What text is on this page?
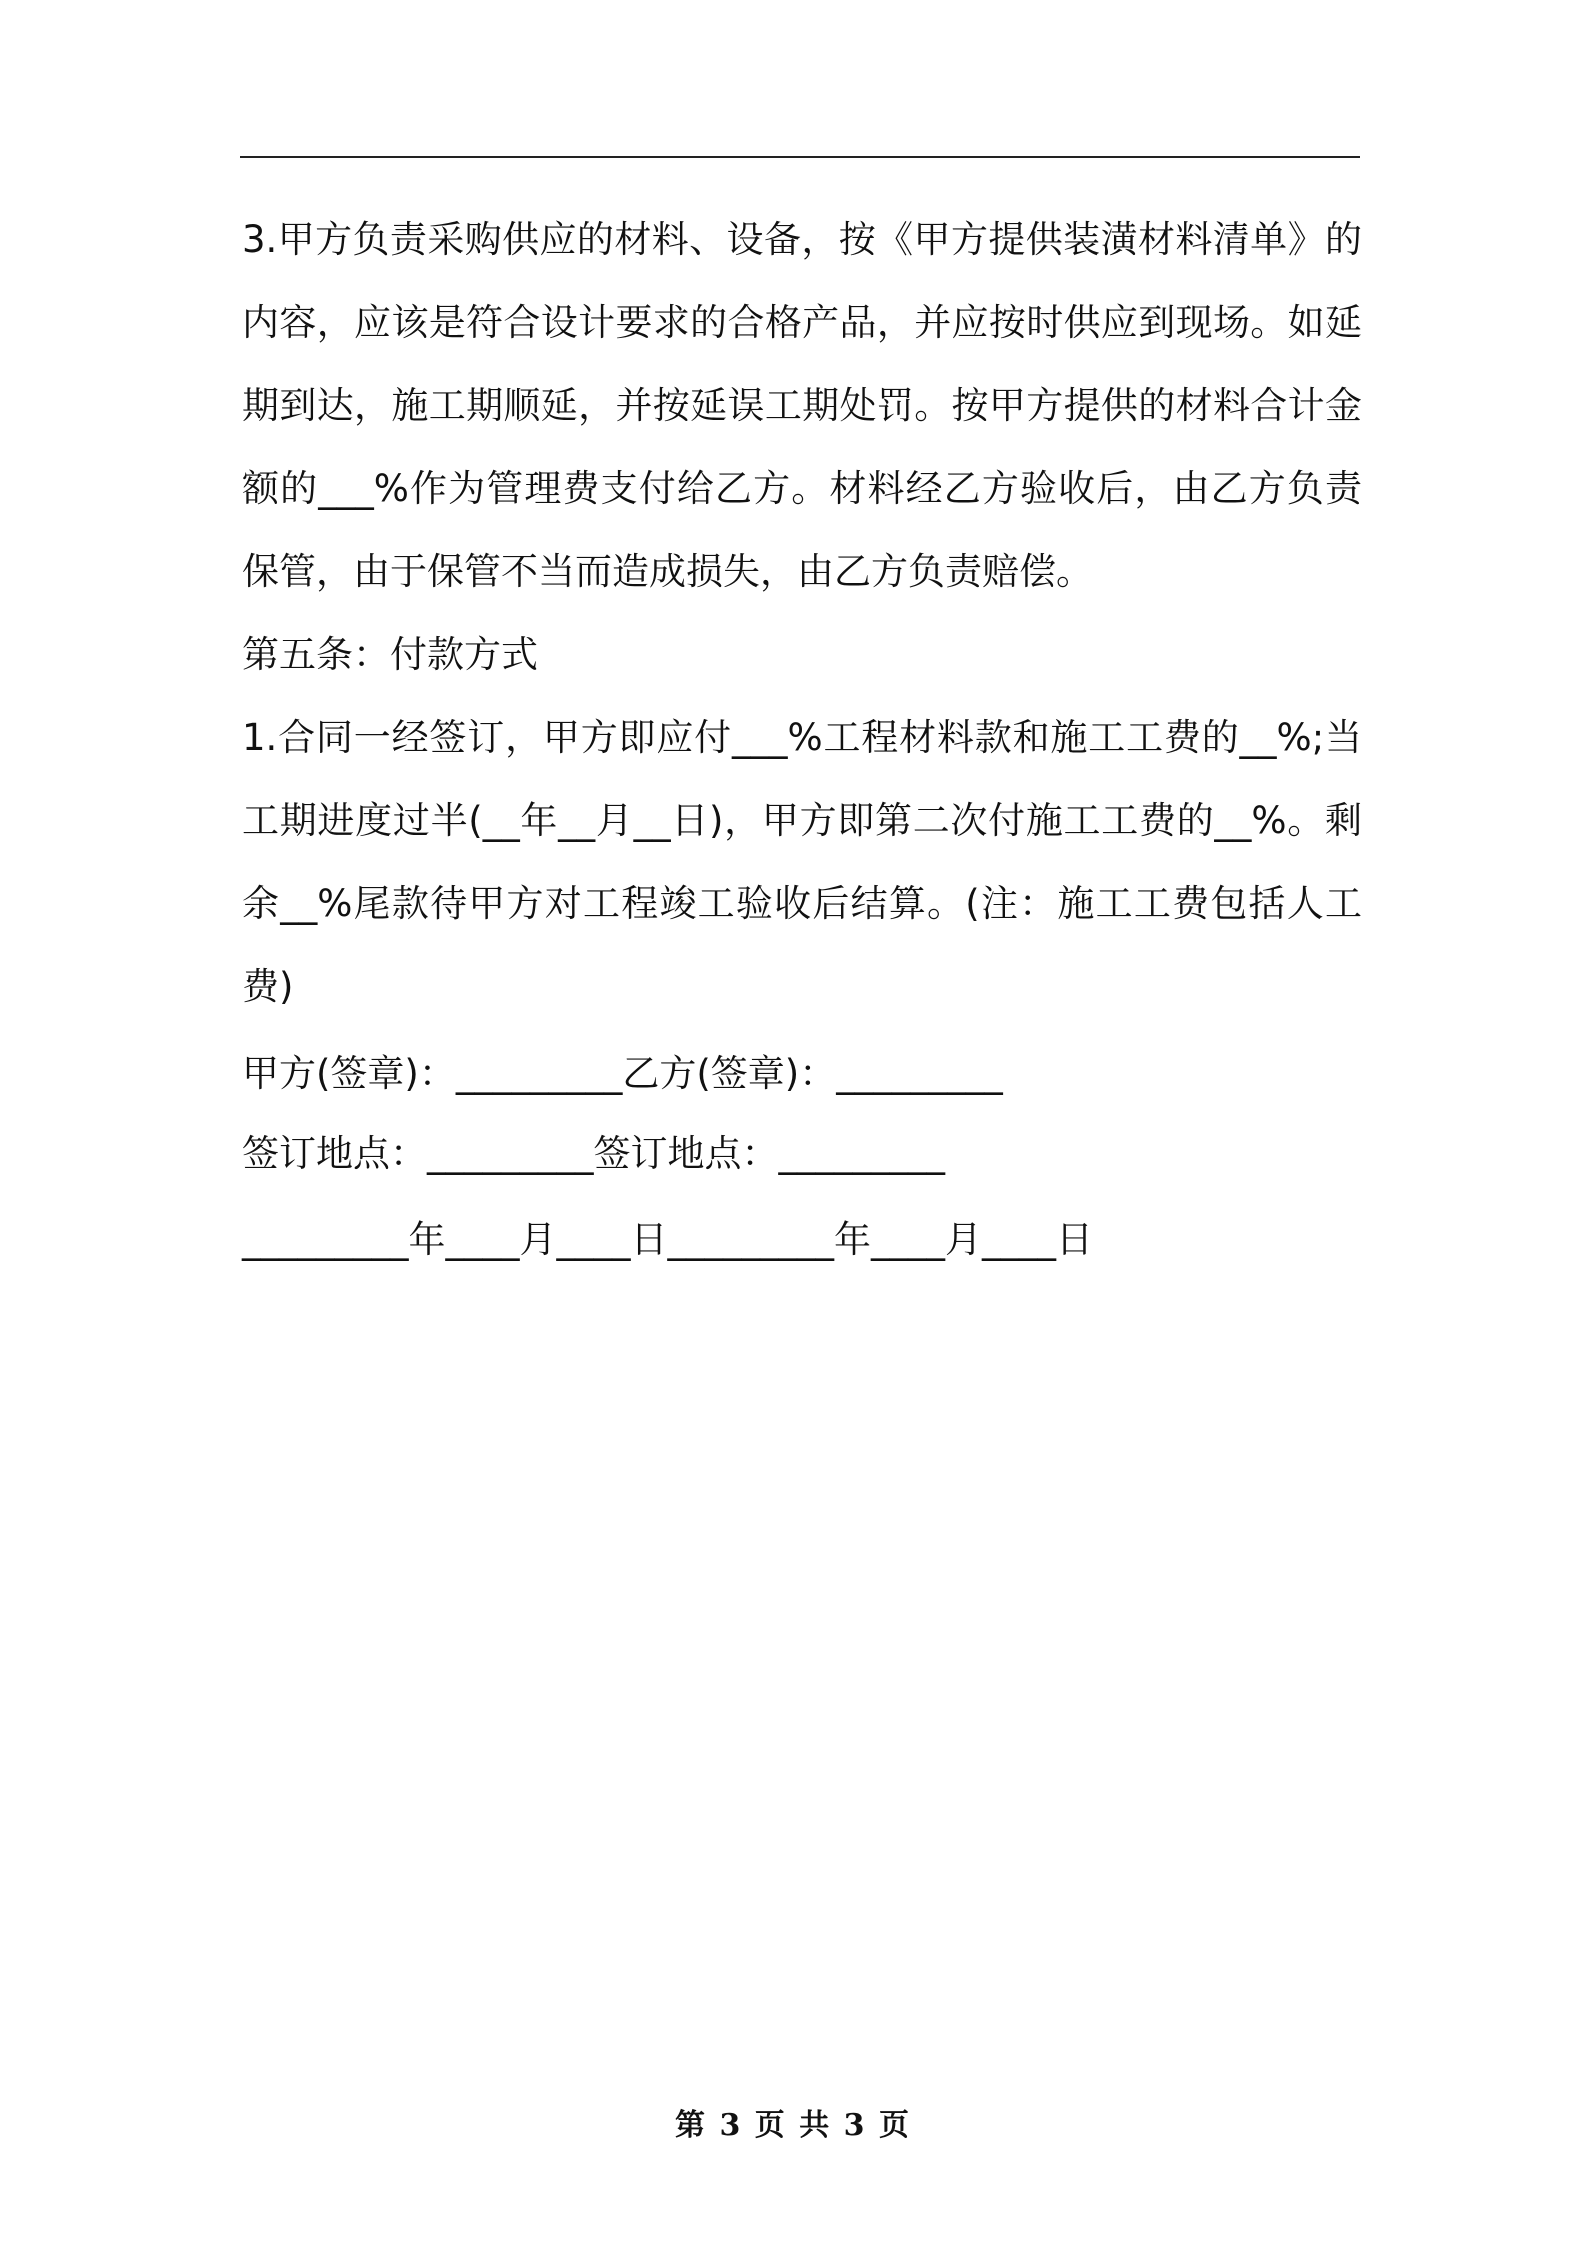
3.甲方负责采购供应的材料、设备，按《甲方提供装潢材料清单》的内容，应该是符合设计要求的合格产品，并应按时供应到现场。如延期到达，施工期顺延，并按延误工期处罚。按甲方提供的材料合计金额的___%作为管理费支付给乙方。材料经乙方验收后，由乙方负责保管，由于保管不当而造成损失，由乙方负责赔偿。

第五条：付款方式

1.合同一经签订，甲方即应付___%工程材料款和施工工费的__%;当工期进度过半(__年__月__日)，甲方即第二次付施工工费的__%。剩余__%尾款待甲方对工程竣工验收后结算。(注：施工工费包括人工费)

甲方(签章)：_________乙方(签章)：_________

签订地点：_________签订地点：_________

_________年____月____日_________年____月____日

第 3 页 共 3 页
